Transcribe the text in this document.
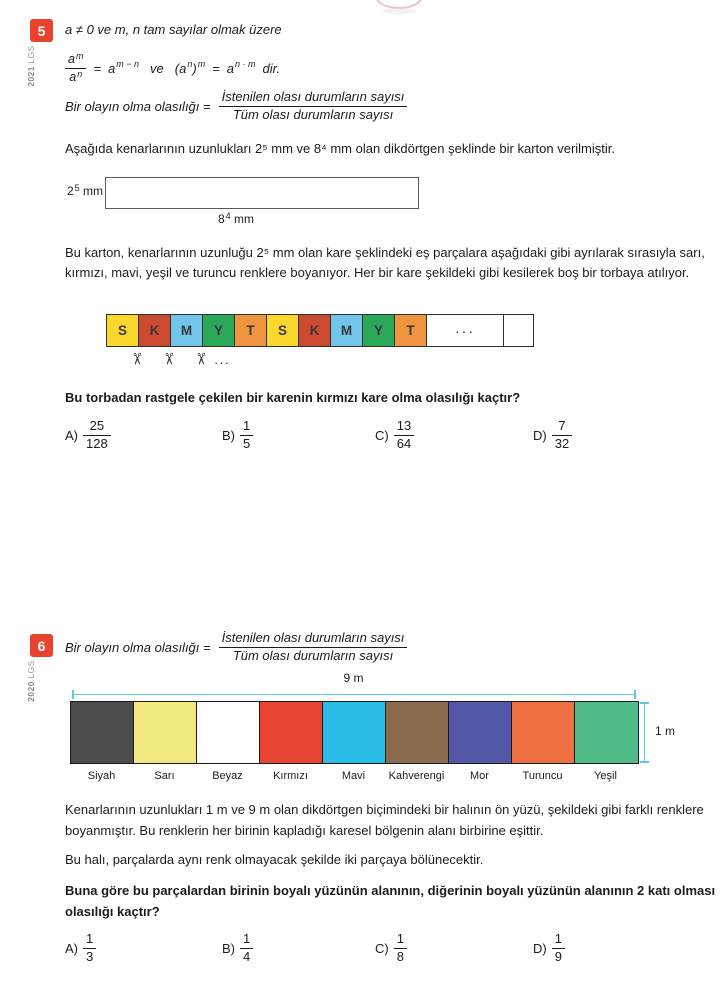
5
2021 LGS
a ≠ 0 ve m, n tam sayılar olmak üzere
$\frac{a^m}{a^n} = a$ m − n ve (a n ) m = a n · m dir.
Bir olayın olma olasılığı = $\frac{\text{İstenilen olası durumların sayısı}}{\text{Tüm olası durumların sayısı}}$
Aşağıda kenarlarının uzunlukları 2⁵ mm ve 8⁴ mm olan dikdörtgen şeklinde bir karton verilmiştir.
$2^5$ mm
$8^4$ mm
Bu karton, kenarlarının uzunluğu 2⁵ mm olan kare şeklindeki eş parçalara aşağıdaki gibi ayrılarak sırasıyla sarı, kırmızı, mavi, yeşil ve turuncu renklere boyanıyor. Her bir kare şekildeki gibi kesilerek boş bir torbaya atılıyor.
S	K	M	Y	T	S	K	M	Y	T	···
✂ ✂ ✂ ···
Bu torbadan rastgele çekilen bir karenin kırmızı kare olma olasılığı kaçtır?
$A) \frac{25}{128}$	$B) \frac{1}{5}$	$C) \frac{13}{64}$	$D) \frac{7}{32}$
6
2020 LGS
Bir olayın olma olasılığı = $\frac{\text{İstenilen olası durumların sayısı}}{\text{Tüm olası durumların sayısı}}$
9 m
1 m
Siyah	Sarı	Beyaz	Kırmızı	Mavi	Kahverengi	Mor	Turuncu	Yeşil
Kenarlarının uzunlukları 1 m ve 9 m olan dikdörtgen biçimindeki bir halının ön yüzü, şekildeki gibi farklı renklere boyanmıştır. Bu renklerin her birinin kapladığı karesel bölgenin alanı birbirine eşittir.
Bu halı, parçalarda aynı renk olmayacak şekilde iki parçaya bölünecektir.
Buna göre bu parçalardan birinin boyalı yüzünün alanının, diğerinin boyalı yüzünün alanının 2 katı olması olasılığı kaçtır?
$A) \frac{1}{3}$	$B) \frac{1}{4}$	$C) \frac{1}{8}$	$D) \frac{1}{9}$
